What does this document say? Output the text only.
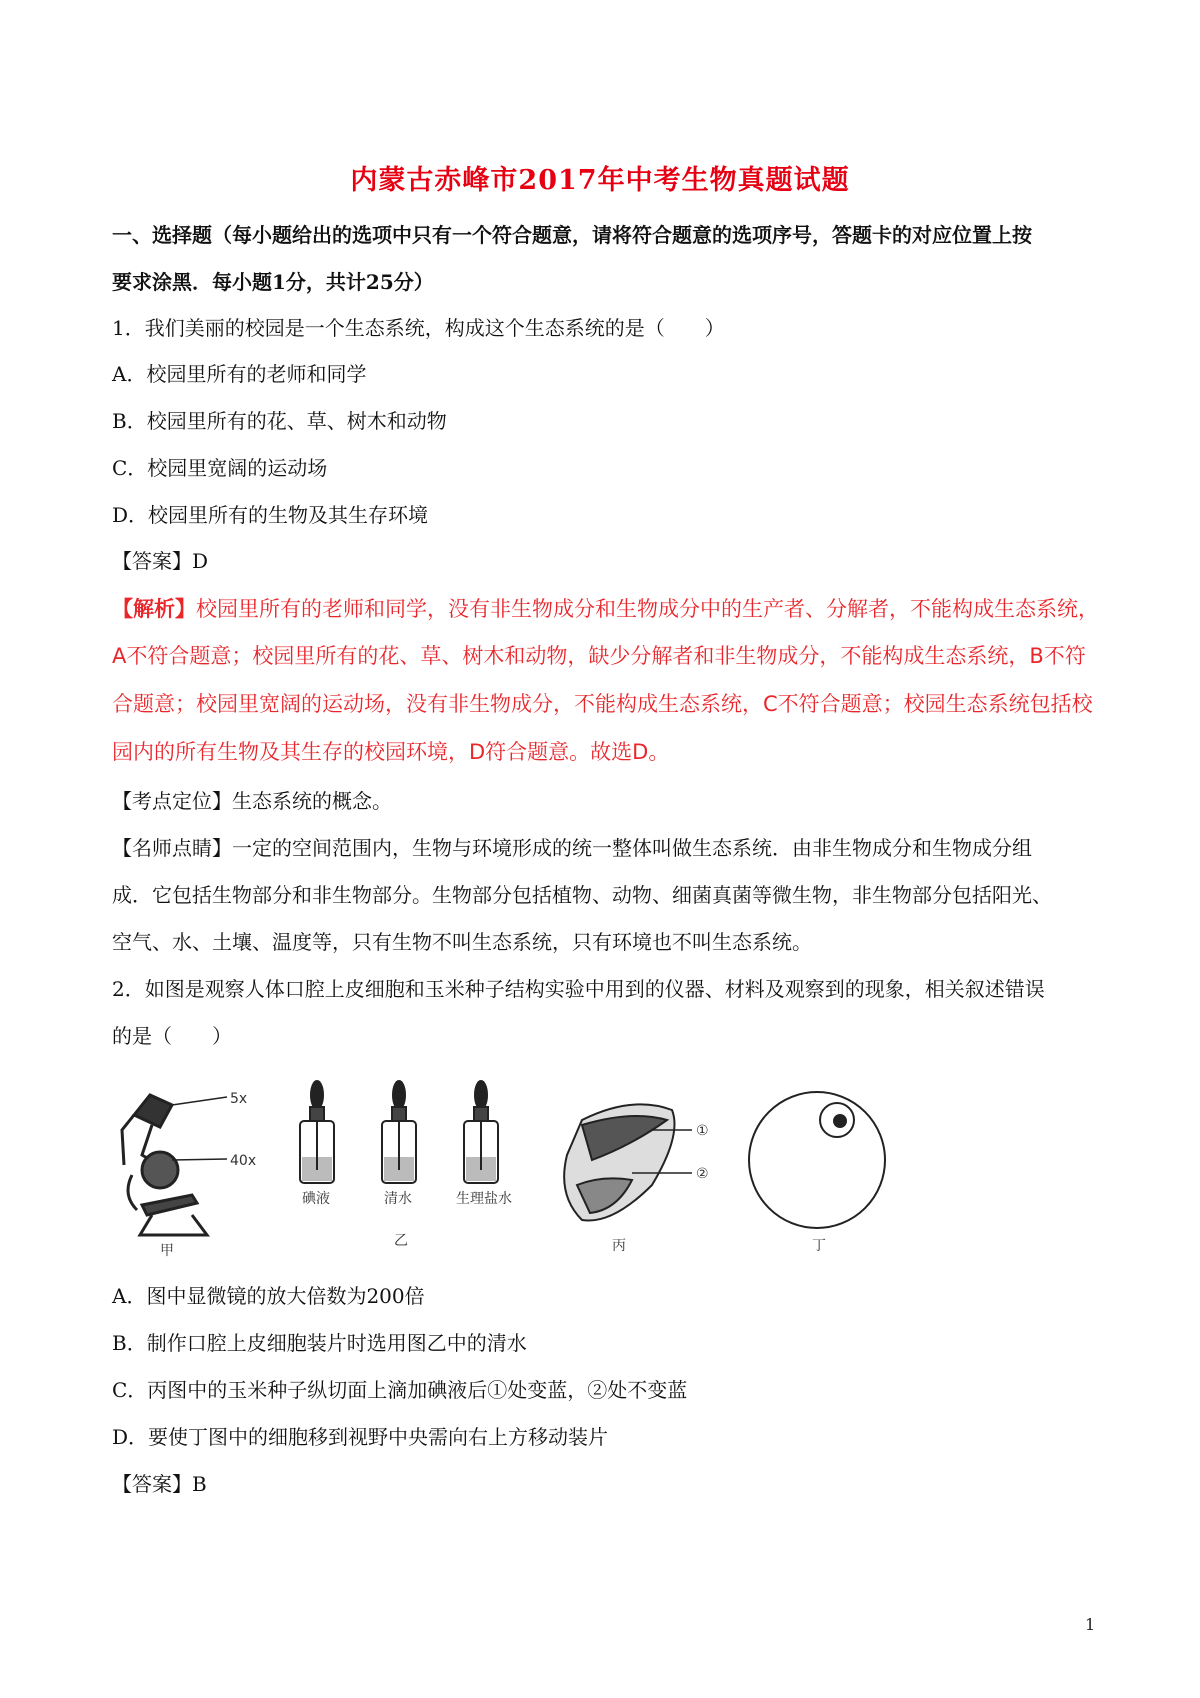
内蒙古赤峰市2017年中考生物真题试题
一、选择题（每小题给出的选项中只有一个符合题意，请将符合题意的选项序号，答题卡的对应位置上按
要求涂黑．每小题1分，共计25分）
1．我们美丽的校园是一个生态系统，构成这个生态系统的是（　　）
A．校园里所有的老师和同学
B．校园里所有的花、草、树木和动物
C．校园里宽阔的运动场
D．校园里所有的生物及其生存环境
【答案】D
【解析】校园里所有的老师和同学，没有非生物成分和生物成分中的生产者、分解者，不能构成生态系统，
A不符合题意；校园里所有的花、草、树木和动物，缺少分解者和非生物成分，不能构成生态系统，B不符
合题意；校园里宽阔的运动场，没有非生物成分，不能构成生态系统，C不符合题意；校园生态系统包括校
园内的所有生物及其生存的校园环境，D符合题意。故选D。
【考点定位】生态系统的概念。
【名师点睛】一定的空间范围内，生物与环境形成的统一整体叫做生态系统．由非生物成分和生物成分组
成．它包括生物部分和非生物部分。生物部分包括植物、动物、细菌真菌等微生物，非生物部分包括阳光、
空气、水、土壤、温度等，只有生物不叫生态系统，只有环境也不叫生态系统。
2．如图是观察人体口腔上皮细胞和玉米种子结构实验中用到的仪器、材料及观察到的现象，相关叙述错误
的是（　　）
5x
40x
甲
碘液	清水	生理盐水
乙
①
②
丙	丁
A．图中显微镜的放大倍数为200倍
B．制作口腔上皮细胞装片时选用图乙中的清水
C．丙图中的玉米种子纵切面上滴加碘液后①处变蓝，②处不变蓝
D．要使丁图中的细胞移到视野中央需向右上方移动装片
【答案】B
1
